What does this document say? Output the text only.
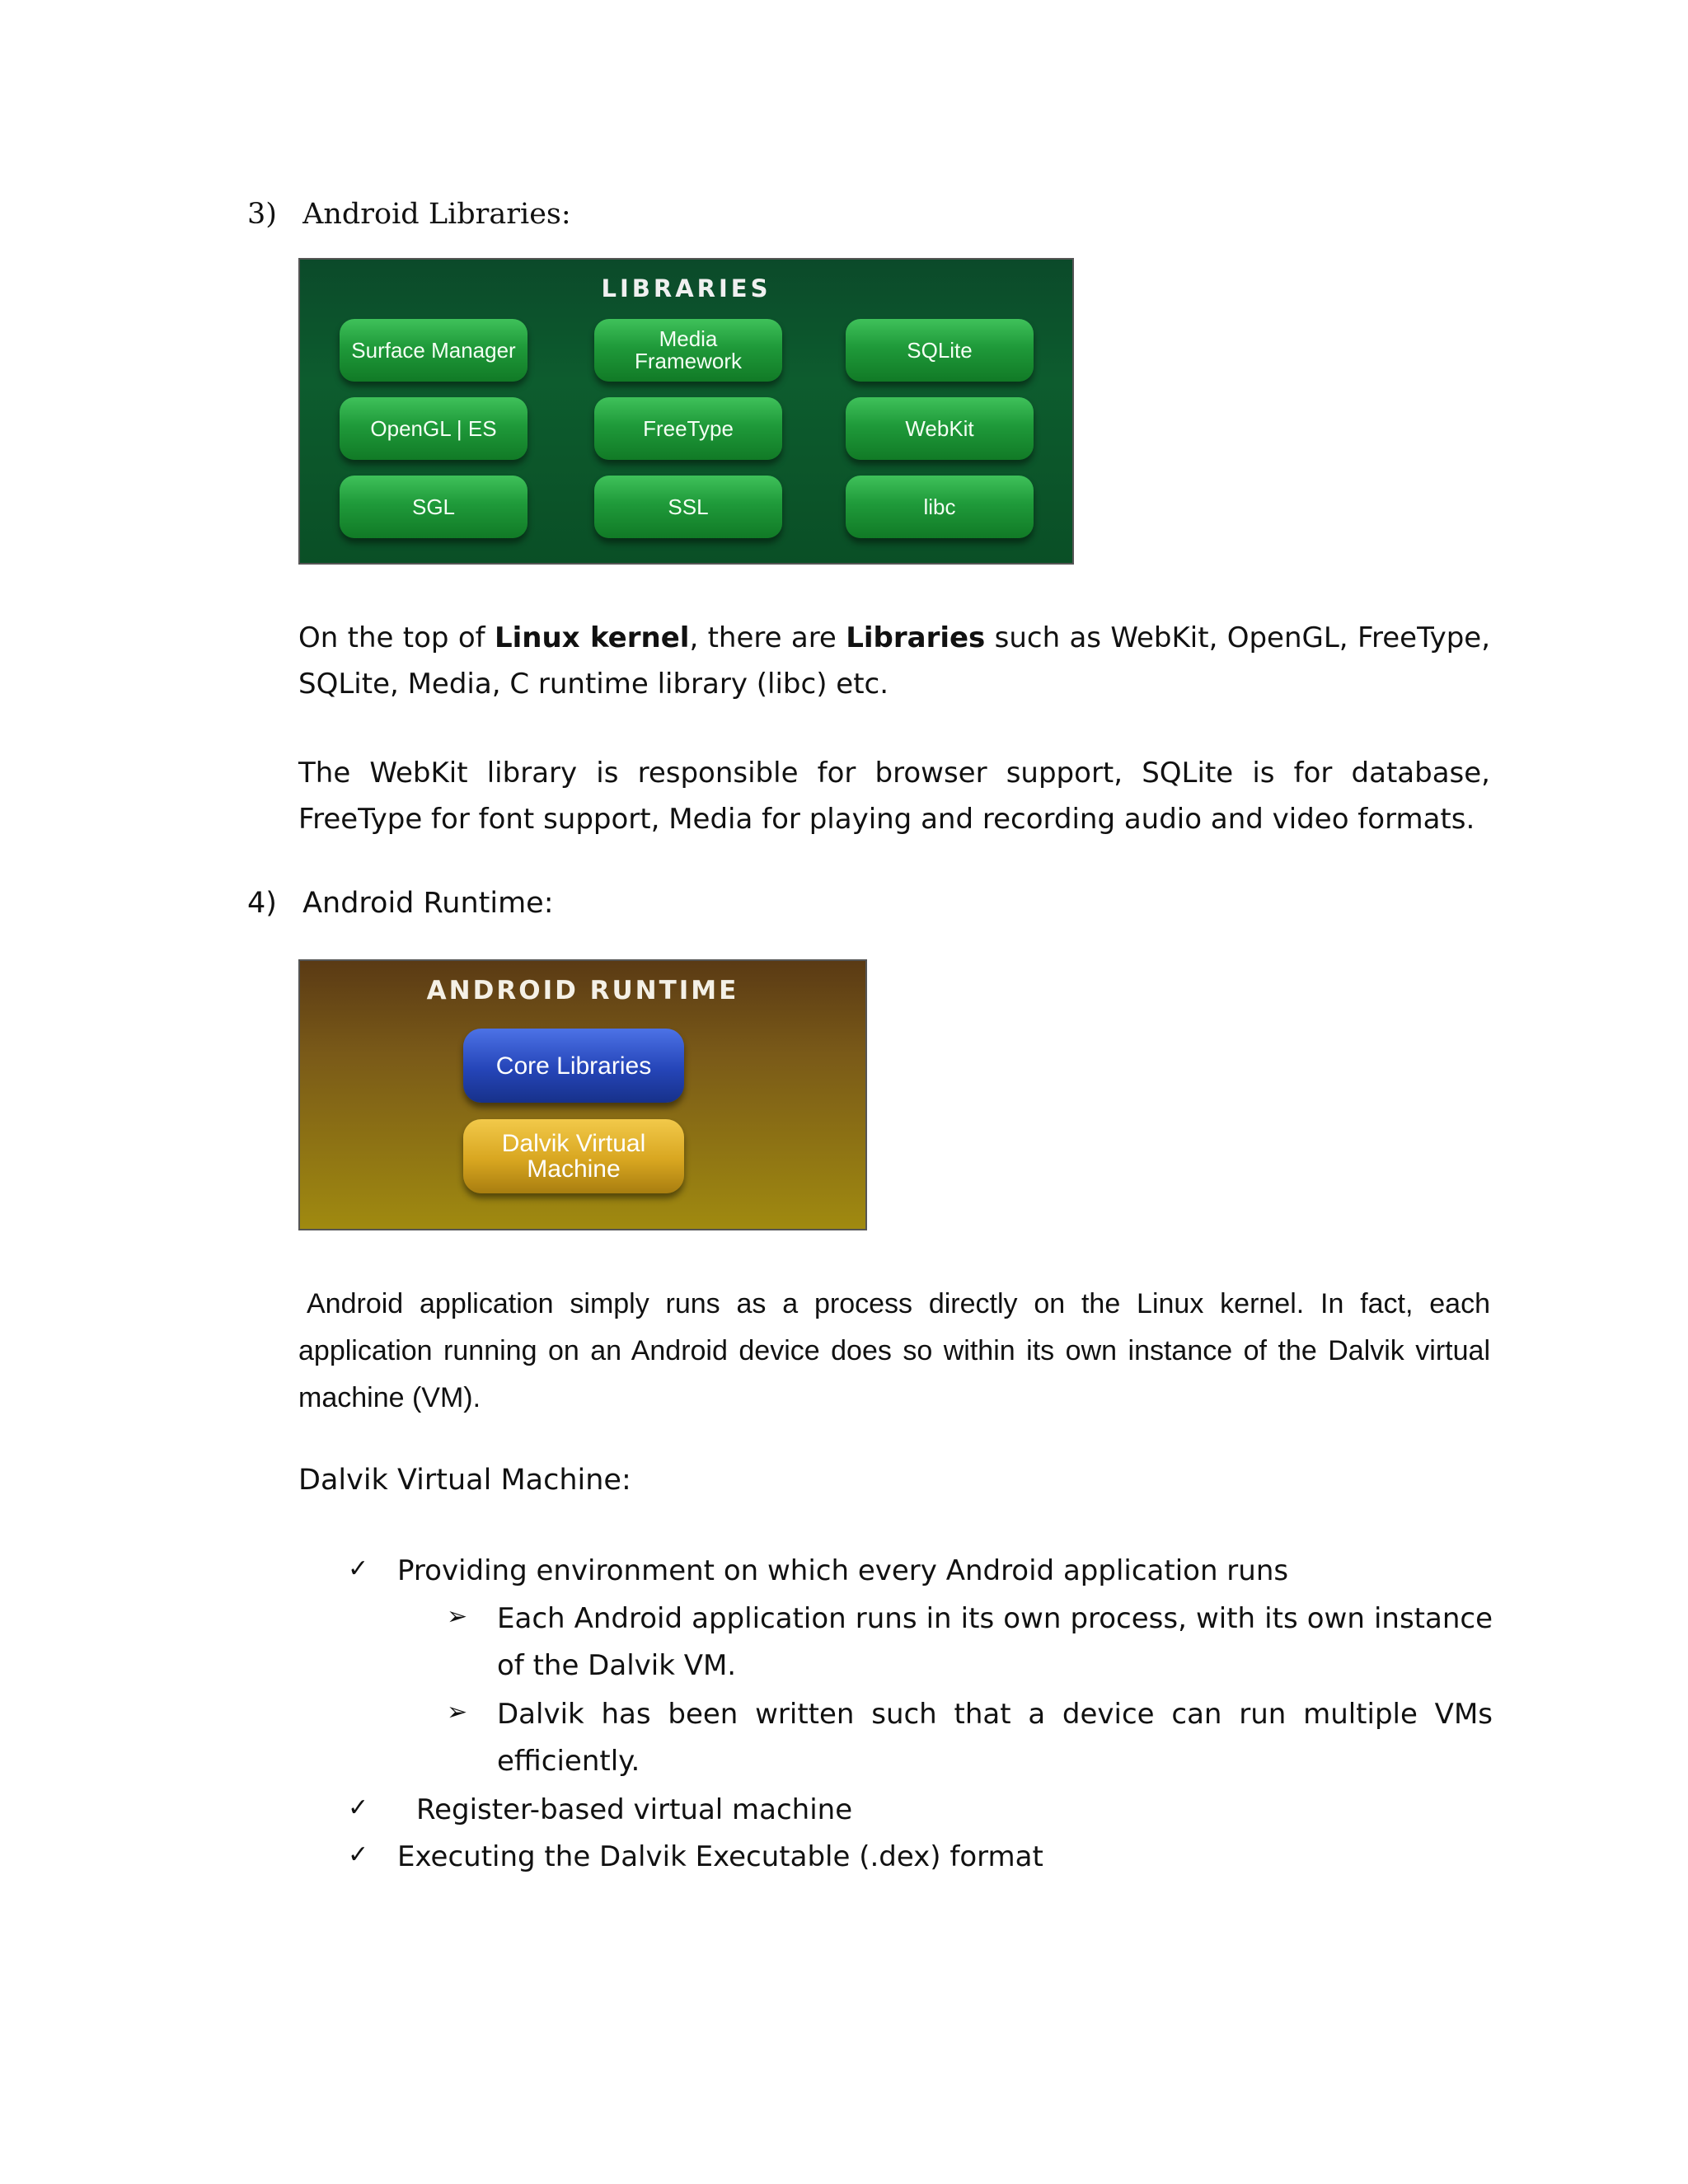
3) Android Libraries:
LIBRARIES
Surface Manager	Media
Framework	SQLite
OpenGL | ES	FreeType	WebKit
SGL	SSL	libc
On the top of Linux kernel, there are Libraries such as WebKit, OpenGL, FreeType, SQLite, Media, C runtime library (libc) etc.
The WebKit library is responsible for browser support, SQLite is for database, FreeType for font support, Media for playing and recording audio and video formats.
4) Android Runtime:
ANDROID RUNTIME
Core Libraries
Dalvik Virtual
Machine
Android application simply runs as a process directly on the Linux kernel. In fact, each application running on an Android device does so within its own instance of the Dalvik virtual machine (VM).
Dalvik Virtual Machine:
✓ Providing environment on which every Android application runs
➢ Each Android application runs in its own process, with its own instance of the Dalvik VM.
➢ Dalvik has been written such that a device can run multiple VMs efficiently.
✓ Register-based virtual machine
✓ Executing the Dalvik Executable (.dex) format
